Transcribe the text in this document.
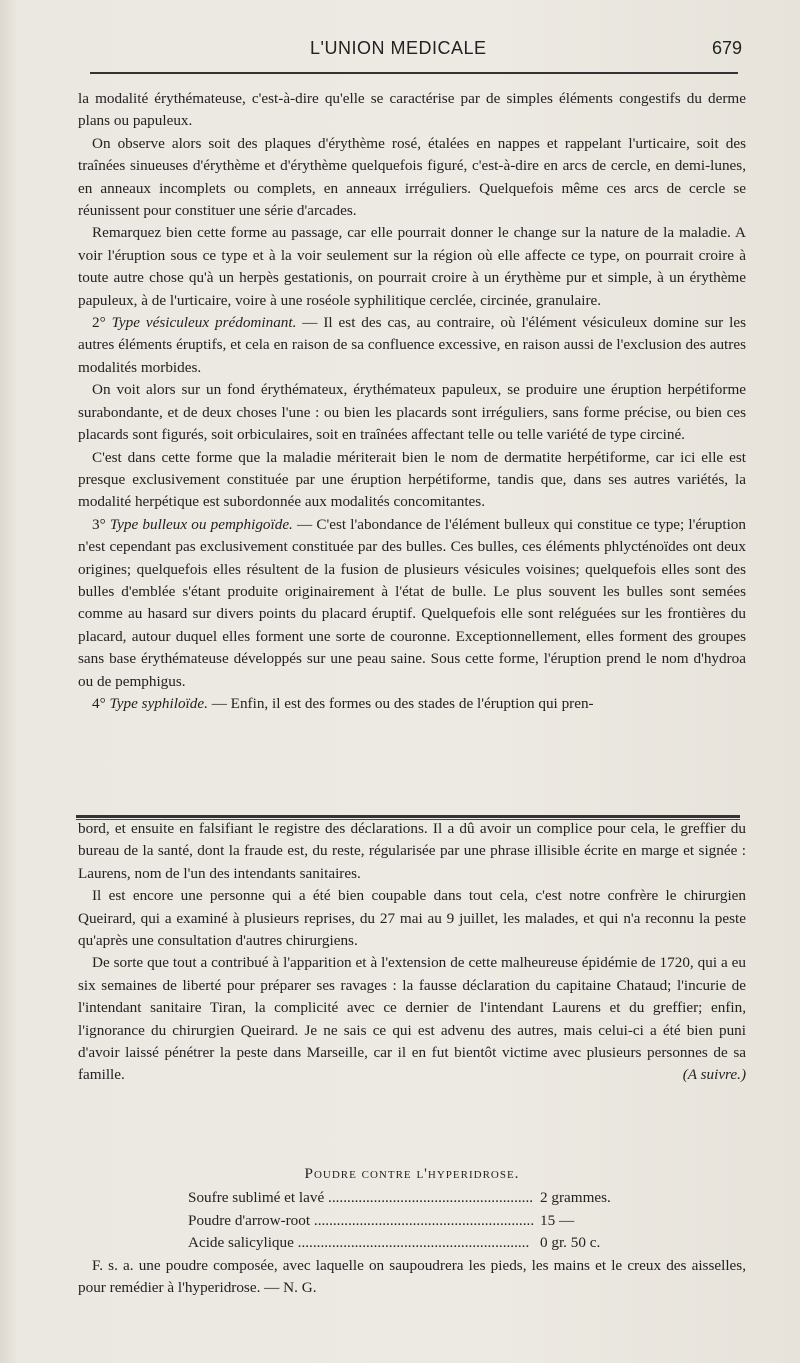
L'UNION MEDICALE	679

la modalité érythémateuse, c'est-à-dire qu'elle se caractérise par de simples éléments congestifs du derme plans ou papuleux.

On observe alors soit des plaques d'érythème rosé, étalées en nappes et rappelant l'urticaire, soit des traînées sinueuses d'érythème et d'érythème quelquefois figuré, c'est-à-dire en arcs de cercle, en demi-lunes, en anneaux incomplets ou complets, en anneaux irréguliers. Quelquefois même ces arcs de cercle se réunissent pour constituer une série d'arcades.

Remarquez bien cette forme au passage, car elle pourrait donner le change sur la nature de la maladie. A voir l'éruption sous ce type et à la voir seulement sur la région où elle affecte ce type, on pourrait croire à toute autre chose qu'à un herpès gestationis, on pourrait croire à un érythème pur et simple, à un érythème papuleux, à de l'urticaire, voire à une roséole syphilitique cerclée, circinée, granulaire.

2° Type vésiculeux prédominant. — Il est des cas, au contraire, où l'élément vésiculeux domine sur les autres éléments éruptifs, et cela en raison de sa confluence excessive, en raison aussi de l'exclusion des autres modalités morbides.

On voit alors sur un fond érythémateux, érythémateux papuleux, se produire une éruption herpétiforme surabondante, et de deux choses l'une : ou bien les placards sont irréguliers, sans forme précise, ou bien ces placards sont figurés, soit orbiculaires, soit en traînées affectant telle ou telle variété de type circiné.

C'est dans cette forme que la maladie mériterait bien le nom de dermatite herpétiforme, car ici elle est presque exclusivement constituée par une éruption herpétiforme, tandis que, dans ses autres variétés, la modalité herpétique est subordonnée aux modalités concomitantes.

3° Type bulleux ou pemphigoïde. — C'est l'abondance de l'élément bulleux qui constitue ce type; l'éruption n'est cependant pas exclusivement constituée par des bulles. Ces bulles, ces éléments phlycténoïdes ont deux origines; quelquefois elles résultent de la fusion de plusieurs vésicules voisines; quelquefois elles sont des bulles d'emblée s'étant produite originairement à l'état de bulle. Le plus souvent les bulles sont semées comme au hasard sur divers points du placard éruptif. Quelquefois elle sont reléguées sur les frontières du placard, autour duquel elles forment une sorte de couronne. Exceptionnellement, elles forment des groupes sans base érythémateuse développés sur une peau saine. Sous cette forme, l'éruption prend le nom d'hydroa ou de pemphigus.

4° Type syphiloïde. — Enfin, il est des formes ou des stades de l'éruption qui pren-

bord, et ensuite en falsifiant le registre des déclarations. Il a dû avoir un complice pour cela, le greffier du bureau de la santé, dont la fraude est, du reste, régularisée par une phrase illisible écrite en marge et signée : Laurens, nom de l'un des intendants sanitaires.

Il est encore une personne qui a été bien coupable dans tout cela, c'est notre confrère le chirurgien Queirard, qui a examiné à plusieurs reprises, du 27 mai au 9 juillet, les malades, et qui n'a reconnu la peste qu'après une consultation d'autres chirurgiens.

De sorte que tout a contribué à l'apparition et à l'extension de cette malheureuse épidémie de 1720, qui a eu six semaines de liberté pour préparer ses ravages : la fausse déclaration du capitaine Chataud; l'incurie de l'intendant sanitaire Tiran, la complicité avec ce dernier de l'intendant Laurens et du greffier; enfin, l'ignorance du chirurgien Queirard. Je ne sais ce qui est advenu des autres, mais celui-ci a été bien puni d'avoir laissé pénétrer la peste dans Marseille, car il en fut bientôt victime avec plusieurs personnes de sa famille.	(A suivre.)

Poudre contre l'hyperidrose.
Soufre sublimé et lavé .....	2 grammes.
Poudre d'arrow-root .....	15 —
Acide salicylique .....	0 gr. 50 c.
F. s. a. une poudre composée, avec laquelle on saupoudrera les pieds, les mains et le creux des aisselles, pour remédier à l'hyperidrose. — N. G.
